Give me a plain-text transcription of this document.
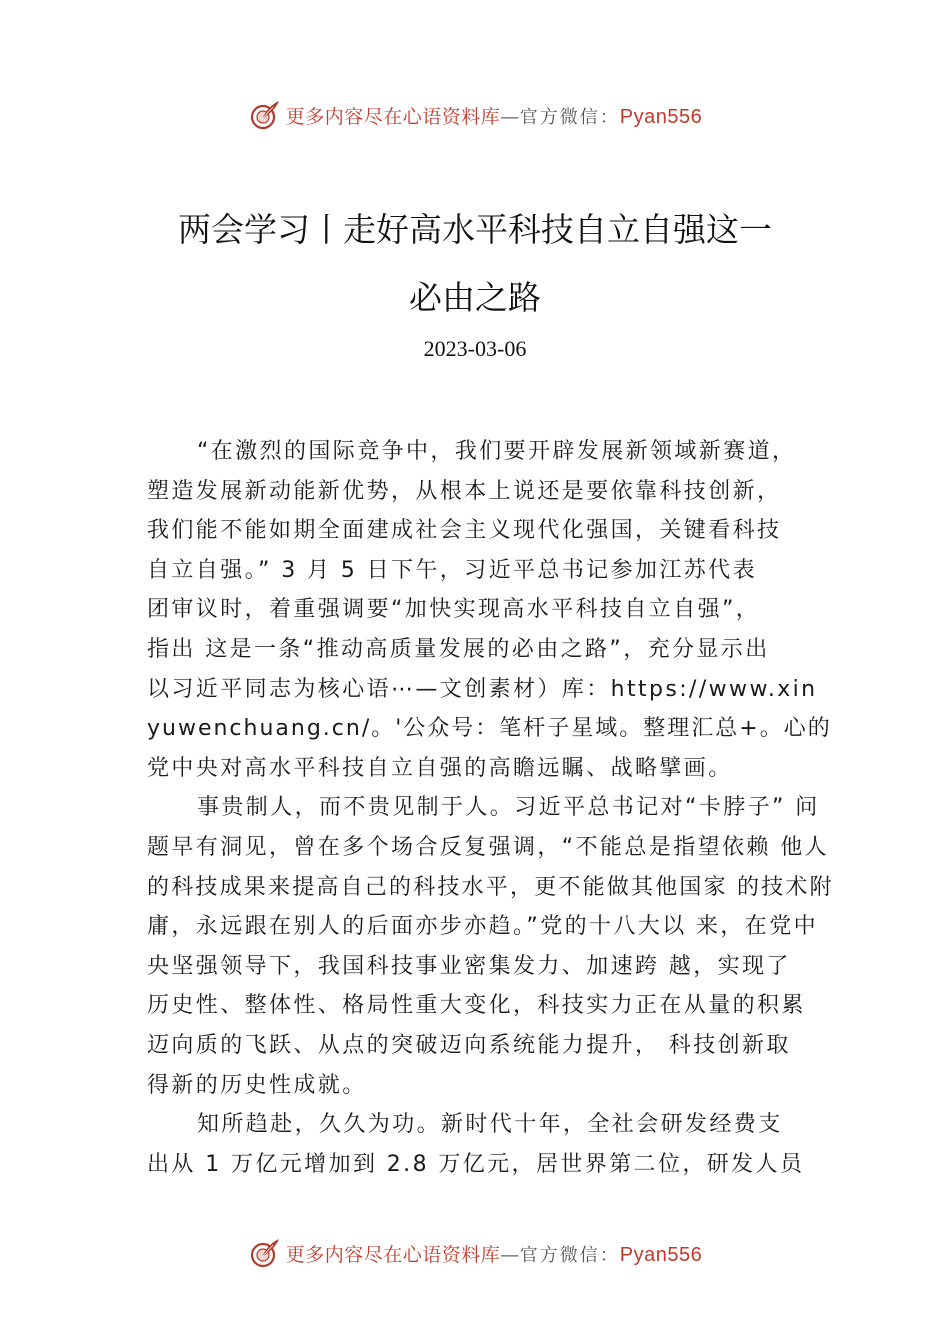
更多内容尽在心语资料库—官方微信：Pyan556
两会学习丨走好高水平科技自立自强这一
必由之路
2023-03-06
“在激烈的国际竞争中，我们要开辟发展新领域新赛道，
塑造发展新动能新优势，从根本上说还是要依靠科技创新，
我们能不能如期全面建成社会主义现代化强国，关键看科技
自立自强。” 3 月 5 日下午，习近平总书记参加江苏代表
团审议时，着重强调要“加快实现高水平科技自立自强”，
指出 这是一条“推动高质量发展的必由之路”，充分显示出
以习近平同志为核心语⋯—文创素材）库：https://www.xin
yuwenchuang.cn/。'公众号：笔杆子星域。整理汇总+。心的
党中央对高水平科技自立自强的高瞻远瞩、战略擘画。
事贵制人，而不贵见制于人。习近平总书记对“卡脖子” 问
题早有洞见，曾在多个场合反复强调，“不能总是指望依赖 他人
的科技成果来提高自己的科技水平，更不能做其他国家 的技术附
庸，永远跟在别人的后面亦步亦趋。”党的十八大以 来，在党中
央坚强领导下，我国科技事业密集发力、加速跨 越，实现了
历史性、整体性、格局性重大变化，科技实力正在从量的积累
迈向质的飞跃、从点的突破迈向系统能力提升， 科技创新取
得新的历史性成就。
知所趋赴，久久为功。新时代十年，全社会研发经费支
出从 1 万亿元增加到 2.8 万亿元，居世界第二位，研发人员
更多内容尽在心语资料库—官方微信：Pyan556
